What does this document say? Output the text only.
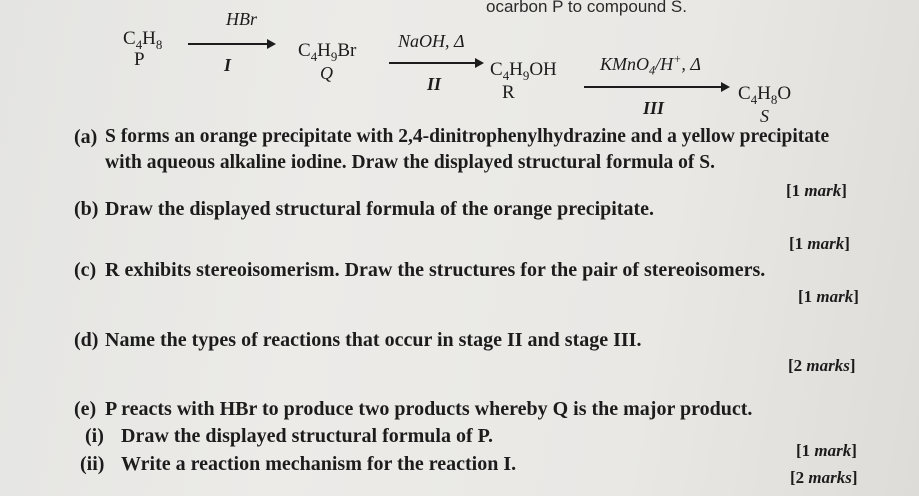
ocarbon P to compound S.
$C_4H_8$
P
HBr
I
$C_4H_9Br$
Q
NaOH, Δ
II
$C_4H_9OH$
R
KMnO$_4$/H+, Δ
III
$C_4H_8O$
S
(a) S forms an orange precipitate with 2,4-dinitrophenylhydrazine and a yellow precipitate
with aqueous alkaline iodine. Draw the displayed structural formula of S.
[1 mark]
(b) Draw the displayed structural formula of the orange precipitate.
[1 mark]
(c) R exhibits stereoisomerism. Draw the structures for the pair of stereoisomers.
[1 mark]
(d) Name the types of reactions that occur in stage II and stage III.
[2 marks]
(e) P reacts with HBr to produce two products whereby Q is the major product.
(i) Draw the displayed structural formula of P.
[1 mark]
(ii) Write a reaction mechanism for the reaction I.
[2 marks]
